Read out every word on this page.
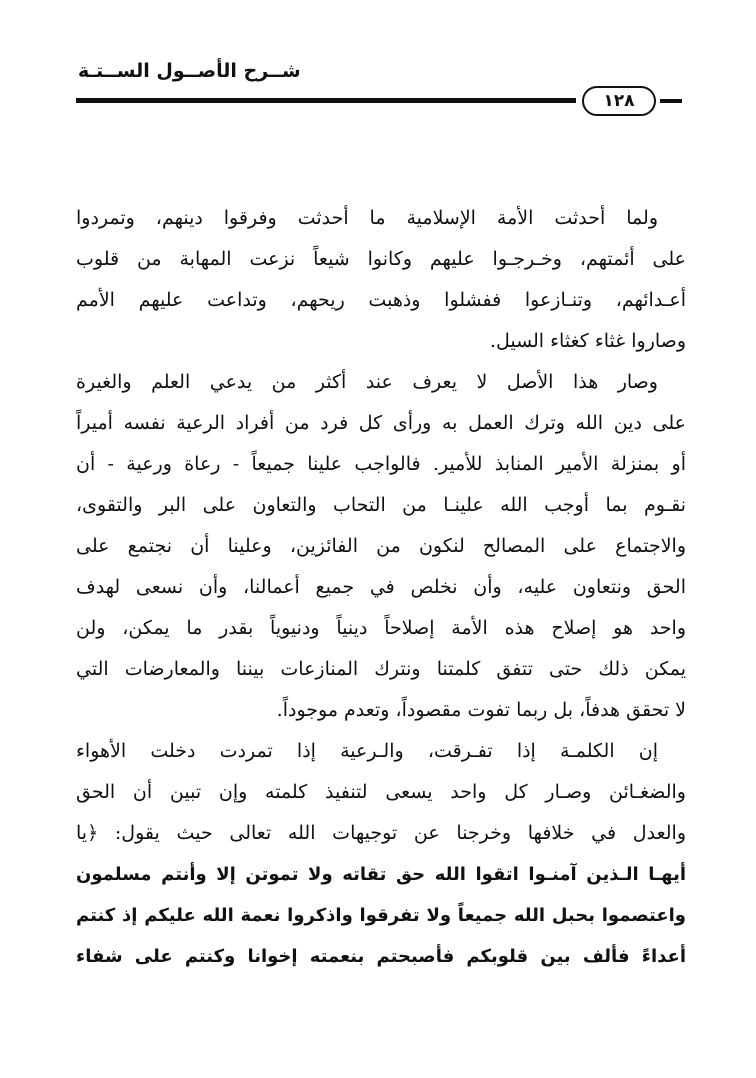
شــرح الأصــول الســتـة
١٢٨
ولما أحدثت الأمة الإسلامية ما أحدثت وفرقوا دينهم، وتمردوا
على أئمتهم، وخـرجـوا عليهم وكانوا شيعاً نزعت المهابة من قلوب
أعـدائهم، وتنـازعوا ففشلوا وذهبت ريحهم، وتداعت عليهم الأمم
وصاروا غثاء كغثاء السيل.
وصار هذا الأصل لا يعرف عند أكثر من يدعي العلم والغيرة
على دين الله وترك العمل به ورأى كل فرد من أفراد الرعية نفسه أميراً
أو بمنزلة الأمير المنابذ للأمير. فالواجب علينا جميعاً - رعاة ورعية - أن
نقـوم بما أوجب الله علينـا من التحاب والتعاون على البر والتقوى،
والاجتماع على المصالح لنكون من الفائزين، وعلينا أن نجتمع على
الحق ونتعاون عليه، وأن نخلص في جميع أعمالنا، وأن نسعى لهدف
واحد هو إصلاح هذه الأمة إصلاحاً دينياً ودنيوياً بقدر ما يمكن، ولن
يمكن ذلك حتى تتفق كلمتنا ونترك المنازعات بيننا والمعارضات التي
لا تحقق هدفاً، بل ربما تفوت مقصوداً، وتعدم موجوداً.
إن الكلمـة إذا تفـرقت، والـرعية إذا تمردت دخلت الأهواء
والضغـائن وصـار كل واحد يسعى لتنفيذ كلمته وإن تبين أن الحق
والعدل في خلافها وخرجنا عن توجيهات الله تعالى حيث يقول: ﴿يا
أيهـا الـذين آمنـوا اتقوا الله حق تقاته ولا تموتن إلا وأنتم مسلمون
واعتصموا بحبل الله جميعاً ولا تفرقوا واذكروا نعمة الله عليكم إذ كنتم
أعداءً فألف بين قلوبكم فأصبحتم بنعمته إخوانا وكنتم على شفاء
